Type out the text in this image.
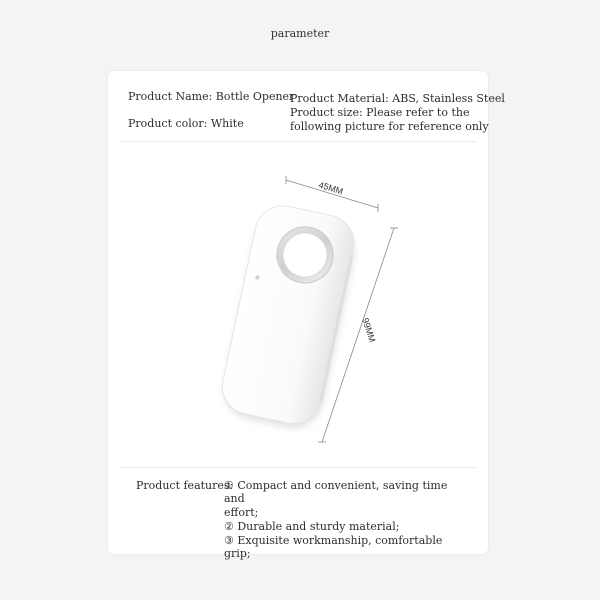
parameter
Product Name: Bottle Opener
Product color: White
Product Material: ABS, Stainless Steel
Product size: Please refer to the
following picture for reference only
45MM
99MM
Product features:
① Compact and convenient, saving time and
effort;
② Durable and sturdy material;
③ Exquisite workmanship, comfortable grip;
